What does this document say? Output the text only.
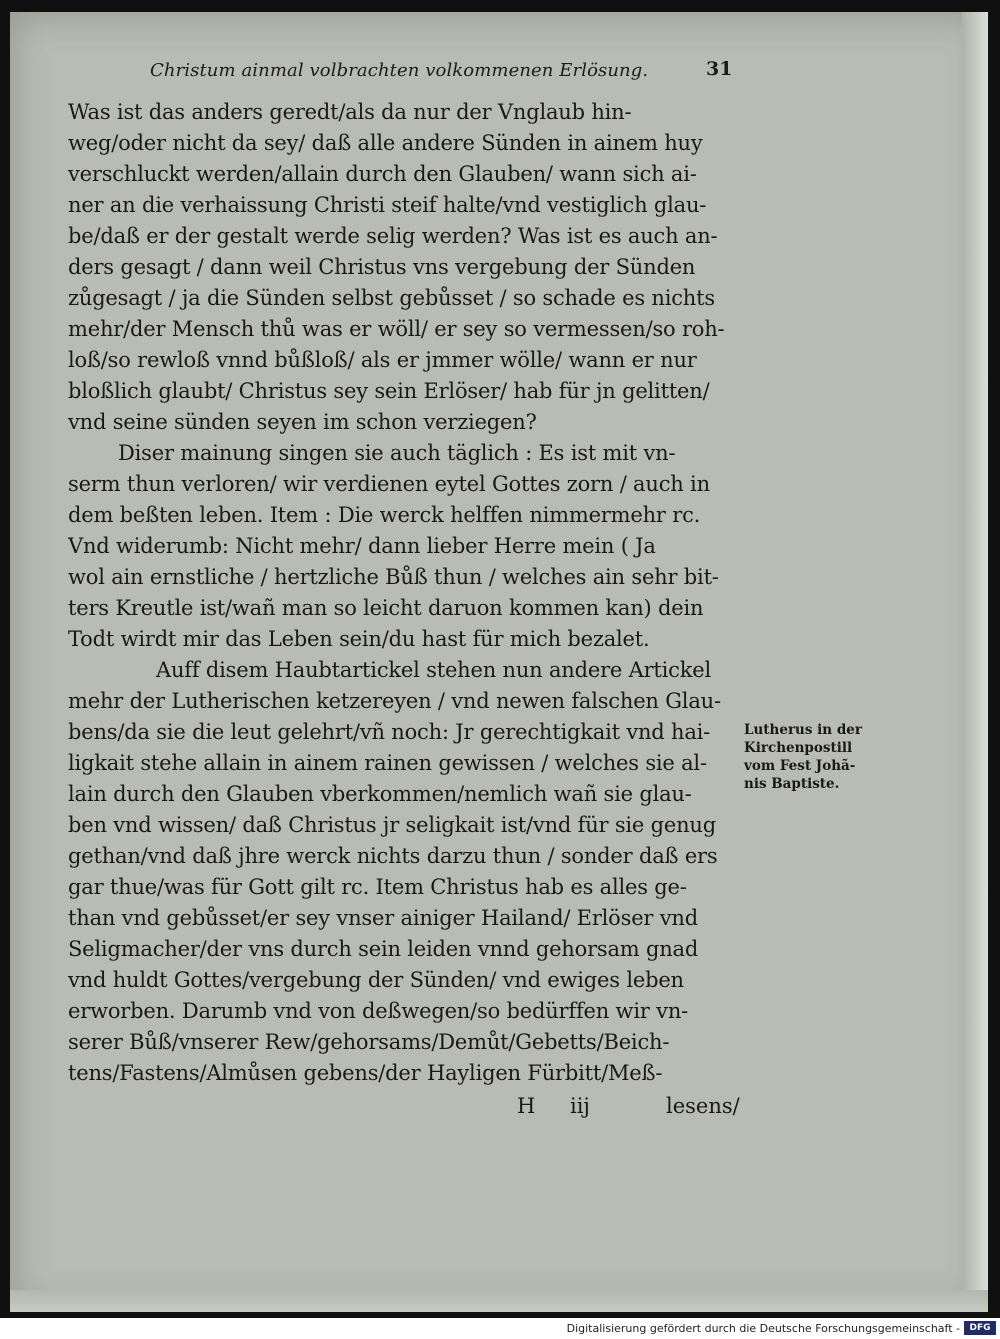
Christum ainmal volbrachten volkommenen Erlösung.	31
Was ist das anders geredt/als da nur der Vnglaub hin-
weg/oder nicht da sey/ daß alle andere Sünden in ainem huy
verschluckt werden/allain durch den Glauben/ wann sich ai-
ner an die verhaissung Christi steif halte/vnd vestiglich glau-
be/daß er der gestalt werde selig werden? Was ist es auch an-
ders gesagt / dann weil Christus vns vergebung der Sünden
zůgesagt / ja die Sünden selbst gebůsset / so schade es nichts
mehr/der Mensch thů was er wöll/ er sey so vermessen/so roh-
loß/so rewloß vnnd bůßloß/ als er jmmer wölle/ wann er nur
bloßlich glaubt/ Christus sey sein Erlöser/ hab für jn gelitten/
vnd seine sünden seyen im schon verziegen?
Diser mainung singen sie auch täglich : Es ist mit vn-
serm thun verloren/ wir verdienen eytel Gottes zorn / auch in
dem beßten leben. Item : Die werck helffen nimmermehr rc.
Vnd widerumb: Nicht mehr/ dann lieber Herre mein ( Ja
wol ain ernstliche / hertzliche Bůß thun / welches ain sehr bit-
ters Kreutle ist/wañ man so leicht daruon kommen kan) dein
Todt wirdt mir das Leben sein/du hast für mich bezalet.
Auff disem Haubtartickel stehen nun andere Artickel
mehr der Lutherischen ketzereyen / vnd newen falschen Glau-
bens/da sie die leut gelehrt/vñ noch: Jr gerechtigkait vnd hai-
ligkait stehe allain in ainem rainen gewissen / welches sie al-
lain durch den Glauben vberkommen/nemlich wañ sie glau-
ben vnd wissen/ daß Christus jr seligkait ist/vnd für sie genug
gethan/vnd daß jhre werck nichts darzu thun / sonder daß ers
gar thue/was für Gott gilt rc. Item Christus hab es alles ge-
than vnd gebůsset/er sey vnser ainiger Hailand/ Erlöser vnd
Seligmacher/der vns durch sein leiden vnnd gehorsam gnad
vnd huldt Gottes/vergebung der Sünden/ vnd ewiges leben
erworben. Darumb vnd von deßwegen/so bedürffen wir vn-
serer Bůß/vnserer Rew/gehorsams/Demůt/Gebetts/Beich-
tens/Fastens/Almůsen gebens/der Hayligen Fürbitt/Meß-
Lutherus in der
Kirchenpostill
vom Fest Johã-
nis Baptiste.
H iij	lesens/
Digitalisierung gefördert durch die Deutsche Forschungsgemeinschaft -	DFG
